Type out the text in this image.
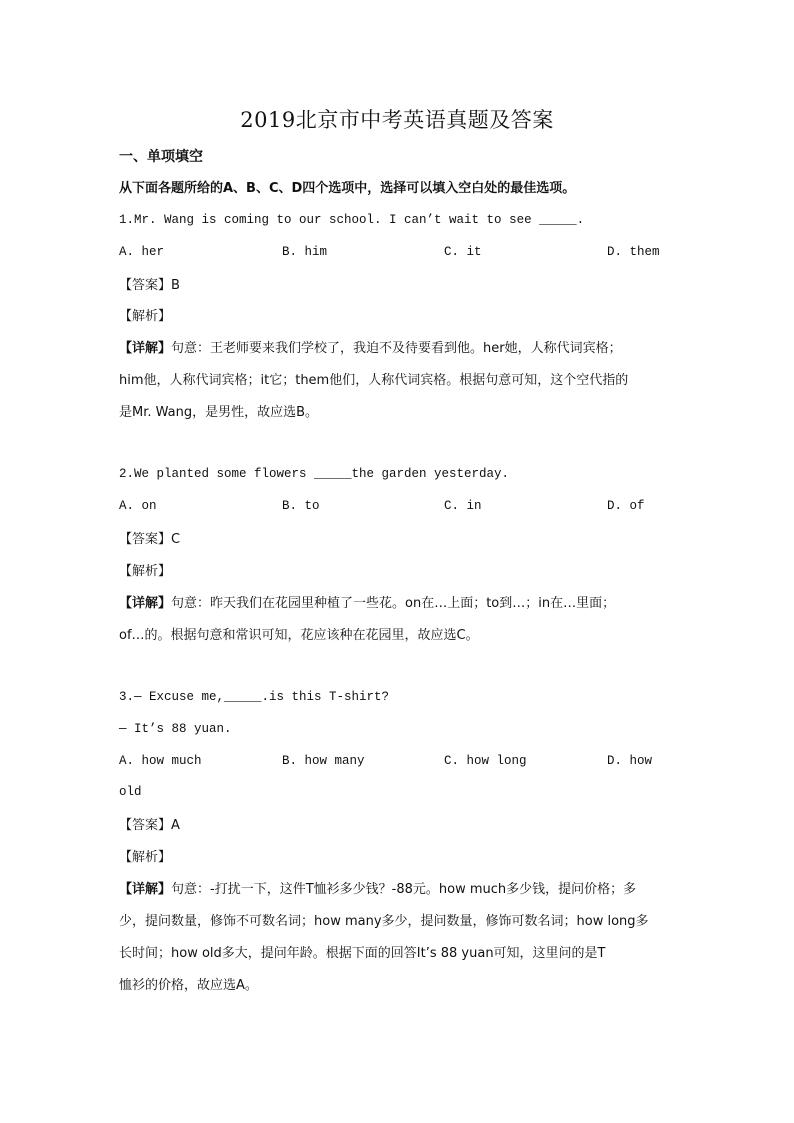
2019北京市中考英语真题及答案
一、单项填空
从下面各题所给的A、B、C、D四个选项中，选择可以填入空白处的最佳选项。
1.Mr. Wang is coming to our school. I can’t wait to see _____.
A. her	B. him	C. it	D. them
【答案】B
【解析】
【详解】句意：王老师要来我们学校了，我迫不及待要看到他。her她，人称代词宾格；
him他，人称代词宾格；it它；them他们，人称代词宾格。根据句意可知，这个空代指的
是Mr. Wang，是男性，故应选B。
2.We planted some flowers _____the garden yesterday.
A. on	B. to	C. in	D. of
【答案】C
【解析】
【详解】句意：昨天我们在花园里种植了一些花。on在…上面；to到…；in在…里面；
of…的。根据句意和常识可知，花应该种在花园里，故应选C。
3.— Excuse me,_____.is this T-shirt?
— It’s 88 yuan.
A. how much	B. how many	C. how long	D. how
old
【答案】A
【解析】
【详解】句意：-打扰一下，这件T恤衫多少钱？-88元。how much多少钱，提问价格；多
少，提问数量，修饰不可数名词；how many多少，提问数量，修饰可数名词；how long多
长时间；how old多大，提问年龄。根据下面的回答It’s 88 yuan可知，这里问的是T
恤衫的价格，故应选A。
